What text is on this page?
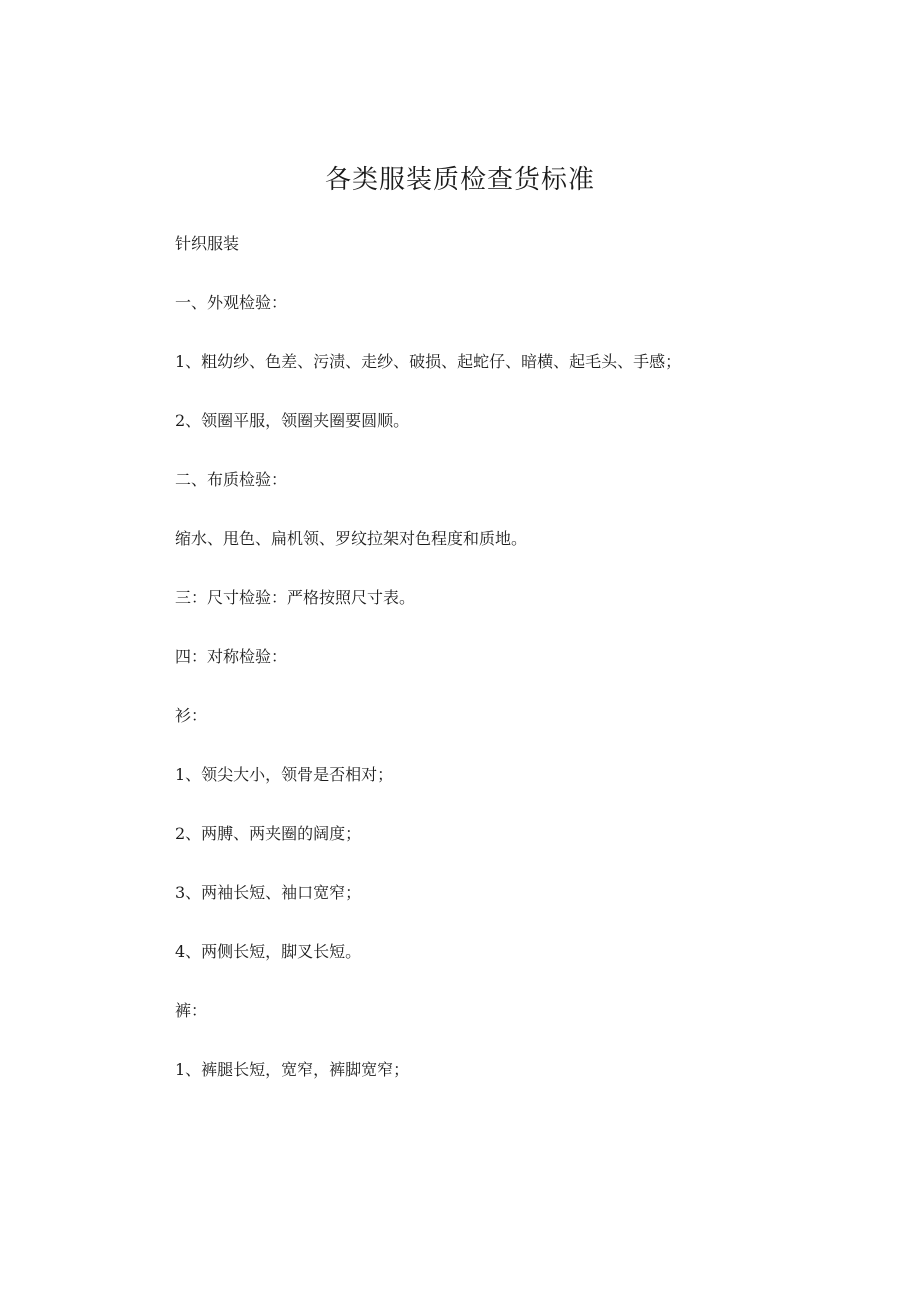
各类服装质检查货标准
针织服装
一、外观检验：
1、粗幼纱、色差、污渍、走纱、破损、起蛇仔、暗横、起毛头、手感；
2、领圈平服，领圈夹圈要圆顺。
二、布质检验：
缩水、甩色、扁机领、罗纹拉架对色程度和质地。
三：尺寸检验：严格按照尺寸表。
四：对称检验：
衫：
1、领尖大小，领骨是否相对；
2、两膊、两夹圈的阔度；
3、两袖长短、袖口宽窄；
4、两侧长短，脚叉长短。
裤：
1、裤腿长短，宽窄，裤脚宽窄；
